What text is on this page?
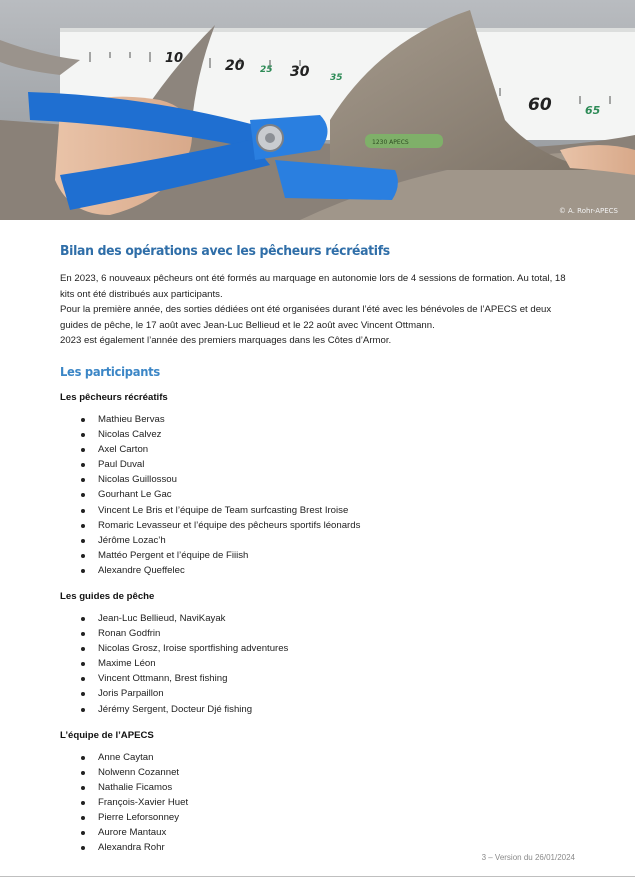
10	20 25 30 35
60	65
1230 APECS
© A. Rohr-APECS
Bilan des opérations avec les pêcheurs récréatifs

En 2023, 6 nouveaux pêcheurs ont été formés au marquage en autonomie lors de 4 sessions de formation. Au total, 18 kits ont été distribués aux participants.

Pour la première année, des sorties dédiées ont été organisées durant l’été avec les bénévoles de l’APECS et deux guides de pêche, le 17 août avec Jean-Luc Bellieud et le 22 août avec Vincent Ottmann.

2023 est également l’année des premiers marquages dans les Côtes d’Armor.

Les participants
Les pêcheurs récréatifs
Mathieu Bervas
Nicolas Calvez
Axel Carton
Paul Duval
Nicolas Guillossou
Gourhant Le Gac
Vincent Le Bris et l’équipe de Team surfcasting Brest Iroise
Romaric Levasseur et l’équipe des pêcheurs sportifs léonards
Jérôme Lozac’h
Mattéo Pergent et l’équipe de Fiiish
Alexandre Queffelec
Les guides de pêche
Jean-Luc Bellieud, NaviKayak
Ronan Godfrin
Nicolas Grosz, Iroise sportfishing adventures
Maxime Léon
Vincent Ottmann, Brest fishing
Joris Parpaillon
Jérémy Sergent, Docteur Djé fishing
L’équipe de l’APECS
Anne Caytan
Nolwenn Cozannet
Nathalie Ficamos
François-Xavier Huet
Pierre Leforsonney
Aurore Mantaux
Alexandra Rohr
3 – Version du 26/01/2024
